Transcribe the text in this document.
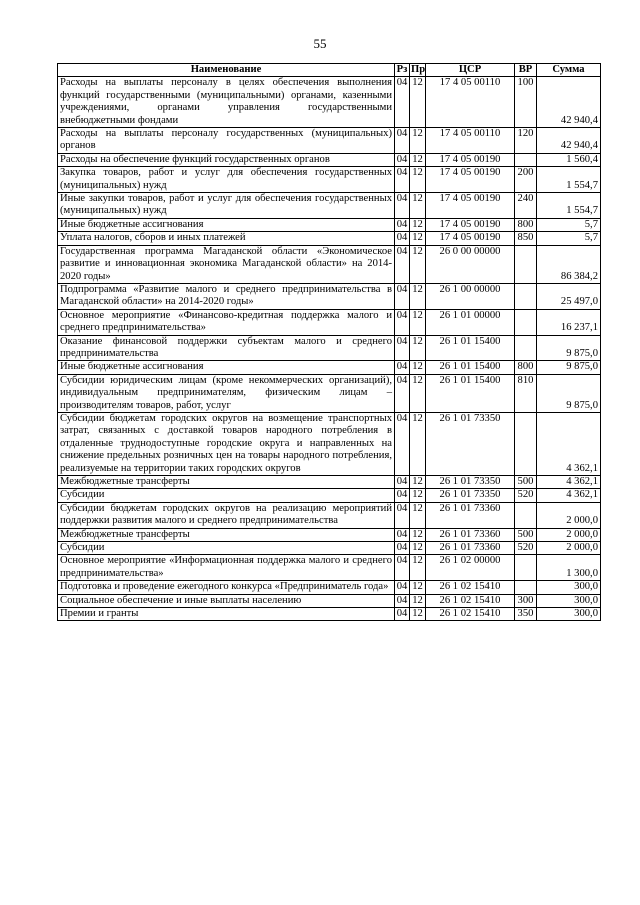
55
Наименование	Рз	Пр	ЦСР	ВР	Сумма
Расходы на выплаты персоналу в целях обеспечения выполнения функций государственными (муниципальными) органами, казенными учреждениями, органами управления государственными внебюджетными фондами	04	12	17 4 05 00110	100	42 940,4
Расходы на выплаты персоналу государственных (муниципальных) органов	04	12	17 4 05 00110	120	42 940,4
Расходы на обеспечение функций государственных органов	04	12	17 4 05 00190		1 560,4
Закупка товаров, работ и услуг для обеспечения государственных (муниципальных) нужд	04	12	17 4 05 00190	200	1 554,7
Иные закупки товаров, работ и услуг для обеспечения государственных (муниципальных) нужд	04	12	17 4 05 00190	240	1 554,7
Иные бюджетные ассигнования	04	12	17 4 05 00190	800	5,7
Уплата налогов, сборов и иных платежей	04	12	17 4 05 00190	850	5,7
Государственная программа Магаданской области «Экономическое развитие и инновационная экономика Магаданской области» на 2014-2020 годы»	04	12	26 0 00 00000		86 384,2
Подпрограмма «Развитие малого и среднего предпринимательства в Магаданской области» на 2014-2020 годы»	04	12	26 1 00 00000		25 497,0
Основное мероприятие «Финансово-кредитная поддержка малого и среднего предпринимательства»	04	12	26 1 01 00000		16 237,1
Оказание финансовой поддержки субъектам малого и среднего предпринимательства	04	12	26 1 01 15400		9 875,0
Иные бюджетные ассигнования	04	12	26 1 01 15400	800	9 875,0
Субсидии юридическим лицам (кроме некоммерческих организаций), индивидуальным предпринимателям, физическим лицам – производителям товаров, работ, услуг	04	12	26 1 01 15400	810	9 875,0
Субсидии бюджетам городских округов на возмещение транспортных затрат, связанных с доставкой товаров народного потребления в отдаленные труднодоступные городские округа и направленных на снижение предельных розничных цен на товары народного потребления, реализуемые на территории таких городских округов	04	12	26 1 01 73350		4 362,1
Межбюджетные трансферты	04	12	26 1 01 73350	500	4 362,1
Субсидии	04	12	26 1 01 73350	520	4 362,1
Субсидии бюджетам городских округов на реализацию мероприятий поддержки развития малого и среднего предпринимательства	04	12	26 1 01 73360		2 000,0
Межбюджетные трансферты	04	12	26 1 01 73360	500	2 000,0
Субсидии	04	12	26 1 01 73360	520	2 000,0
Основное мероприятие «Информационная поддержка малого и среднего предпринимательства»	04	12	26 1 02 00000		1 300,0
Подготовка и проведение ежегодного конкурса «Предприниматель года»	04	12	26 1 02 15410		300,0
Социальное обеспечение и иные выплаты населению	04	12	26 1 02 15410	300	300,0
Премии и гранты	04	12	26 1 02 15410	350	300,0
